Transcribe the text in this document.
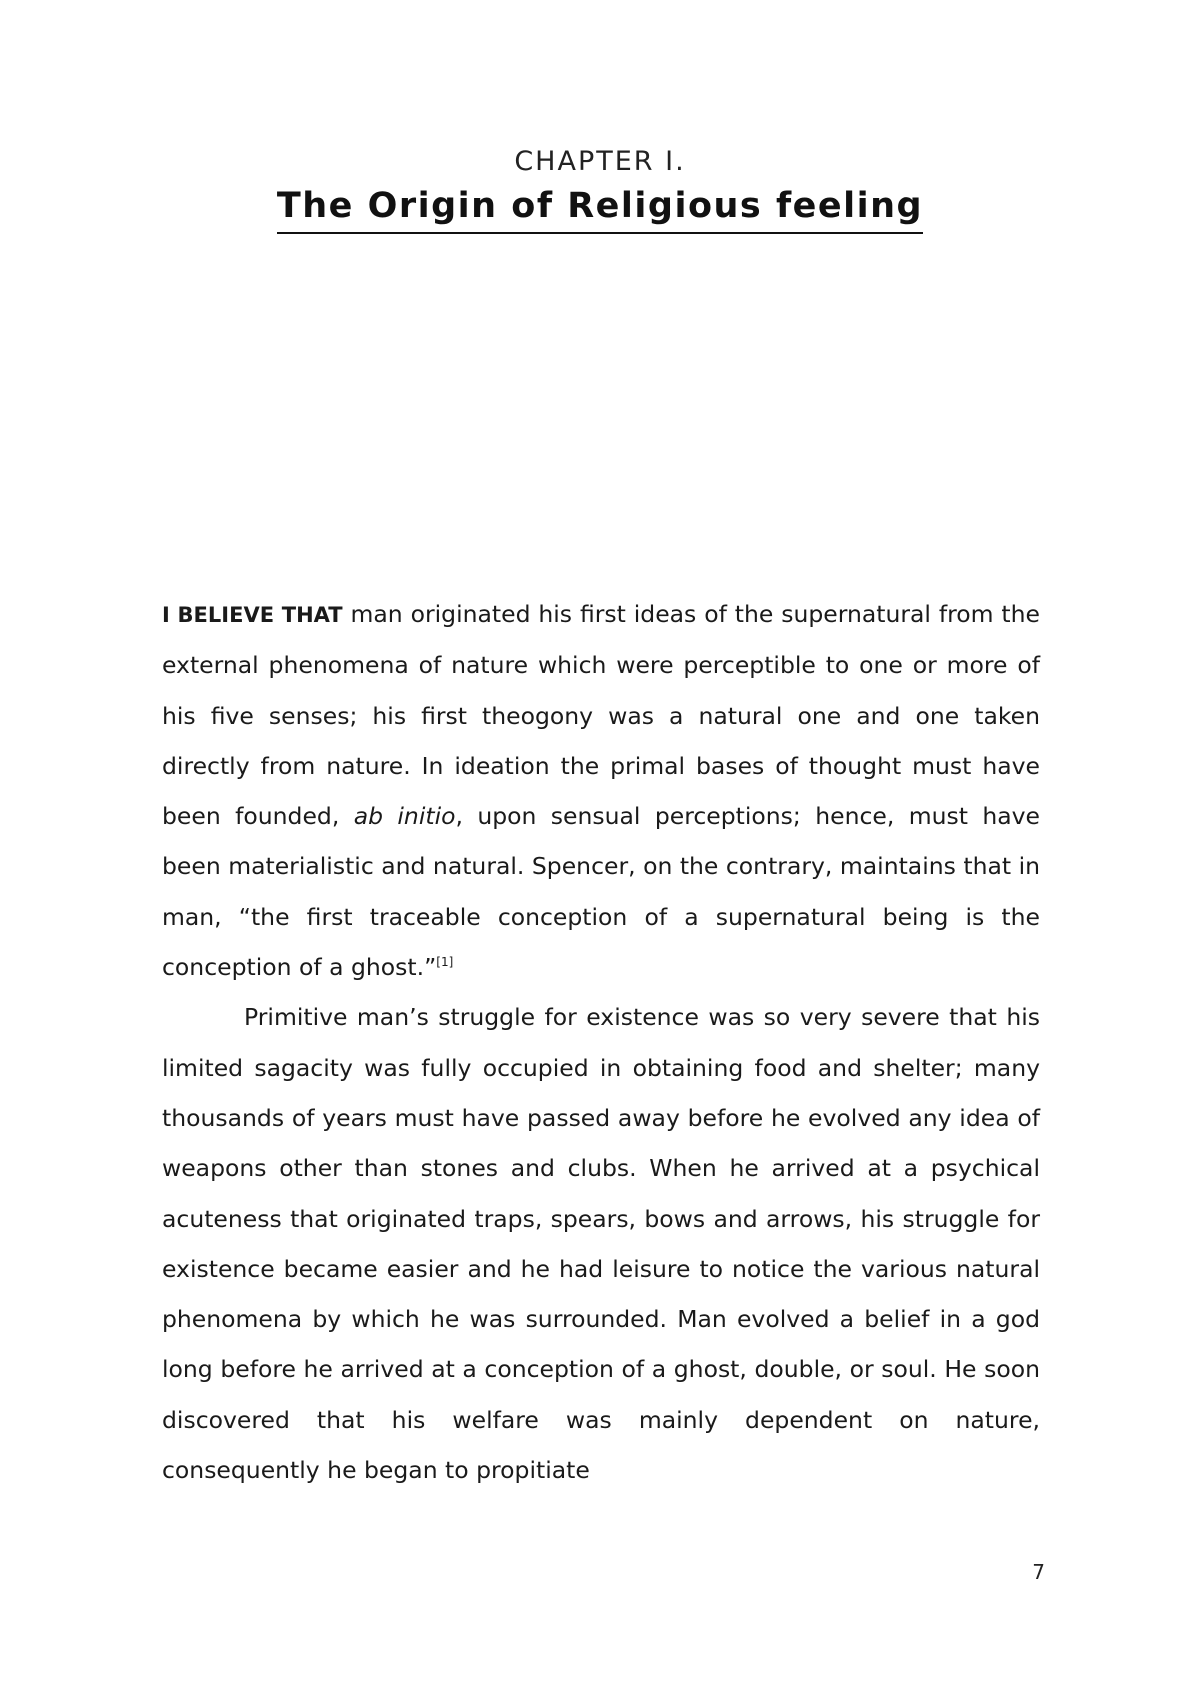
CHAPTER I.
The Origin of Religious feeling

I BELIEVE THAT man originated his first ideas of the supernatural from the external phenomena of nature which were perceptible to one or more of his five senses; his first theogony was a natural one and one taken directly from nature. In ideation the primal bases of thought must have been founded, ab initio, upon sensual perceptions; hence, must have been materialistic and natural. Spencer, on the contrary, maintains that in man, “the first traceable conception of a supernatural being is the conception of a ghost.”[1]

Primitive man’s struggle for existence was so very severe that his limited sagacity was fully occupied in obtaining food and shelter; many thousands of years must have passed away before he evolved any idea of weapons other than stones and clubs. When he arrived at a psychical acuteness that originated traps, spears, bows and arrows, his struggle for existence became easier and he had leisure to notice the various natural phenomena by which he was surrounded. Man evolved a belief in a god long before he arrived at a conception of a ghost, double, or soul. He soon discovered that his welfare was mainly dependent on nature, consequently he began to propitiate

7
